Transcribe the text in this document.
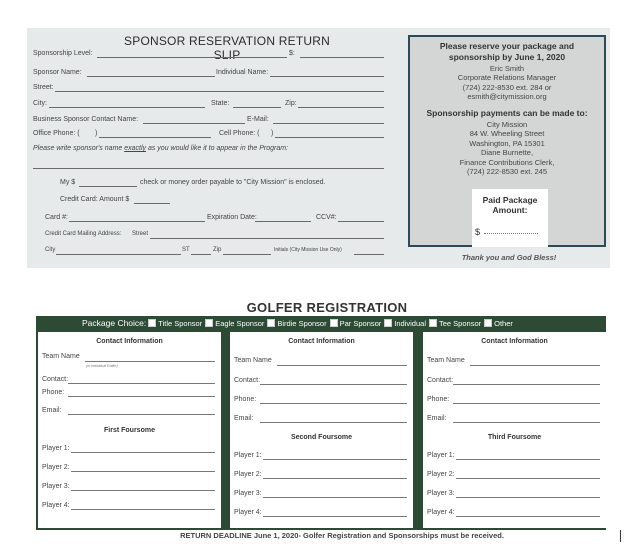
SPONSOR RESERVATION RETURN SLIP
Sponsorship Level:	$:
Sponsor Name:	Individual Name:
Street:
City:	State:	Zip:
Business Sponsor Contact Name:	E-Mail:
Office Phone: ( )	Cell Phone: ( )
Please write sponsor's name exactly as you would like it to appear in the Program:
My $	check or money order payable to "City Mission" is enclosed.
Credit Card: Amount $
Card #:	Expiration Date:	CCV#:
Credit Card Mailing Address: Street
City	ST	Zip	Initials (City Mission Use Only)
Please reserve your package and
sponsorship by June 1, 2020
Eric Smith
Corporate Relations Manager
(724) 222-8530 ext. 284 or
esmith@citymission.org
Sponsorship payments can be made to:
City Mission
84 W. Wheeling Street
Washington, PA 15301
Diane Burnette,
Finance Contributions Clerk,
(724) 222-8530 ext. 245
Paid Package
Amount:
$
Thank you and God Bless!
GOLFER REGISTRATION
Package Choice: Title Sponsor Eagle Sponsor Birdie Sponsor Par Sponsor Individual Tee Sponsor Other
Contact Information
Team Name
(or Individual Golfer)
Contact:
Phone:
Email:
First Foursome
Player 1:
Player 2:
Player 3:
Player 4:
Contact Information
Team Name
Contact:
Phone:
Email:
Second Foursome
Player 1:
Player 2:
Player 3:
Player 4:
Contact Information
Team Name
Contact:
Phone:
Email:
Third Foursome
Player 1:
Player 2:
Player 3:
Player 4:
RETURN DEADLINE June 1, 2020- Golfer Registration and Sponsorships must be received.
